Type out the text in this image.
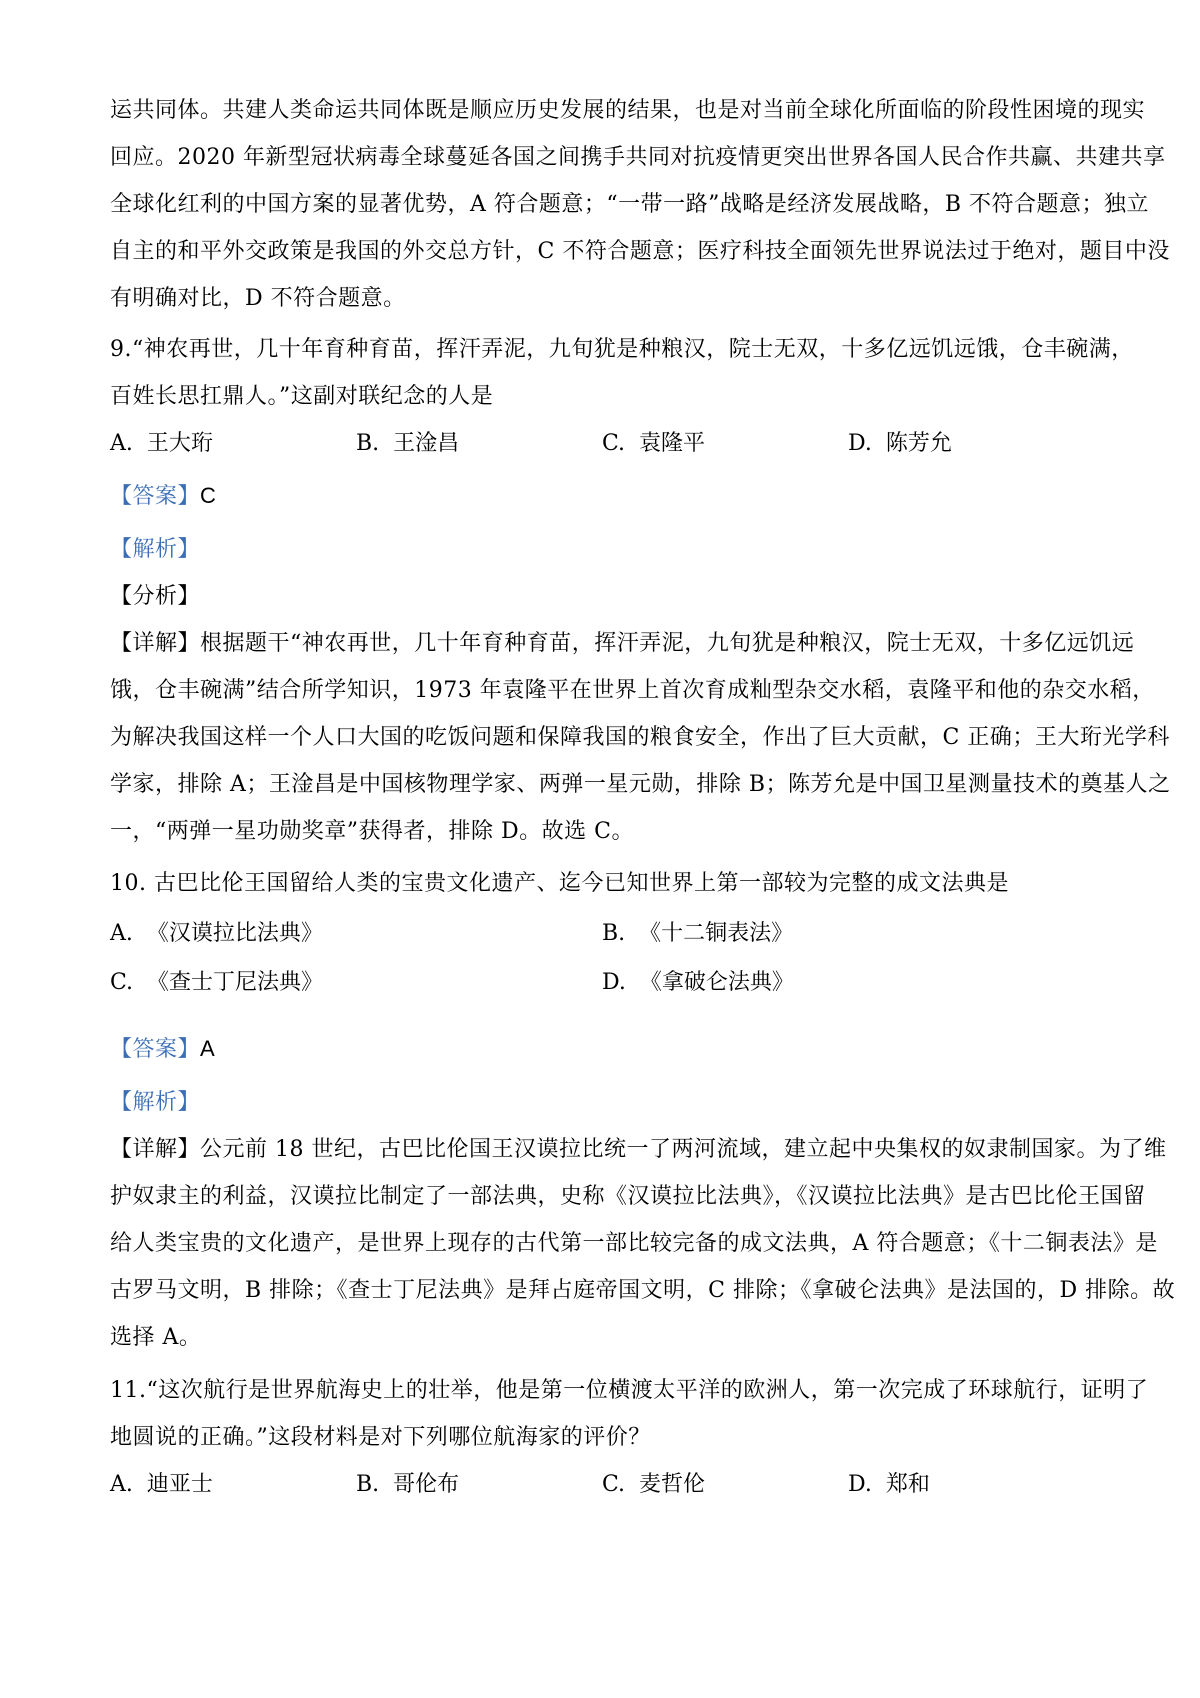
运共同体。共建人类命运共同体既是顺应历史发展的结果，也是对当前全球化所面临的阶段性困境的现实
回应。2020 年新型冠状病毒全球蔓延各国之间携手共同对抗疫情更突出世界各国人民合作共赢、共建共享
全球化红利的中国方案的显著优势，A 符合题意；“一带一路”战略是经济发展战略，B 不符合题意；独立
自主的和平外交政策是我国的外交总方针，C 不符合题意；医疗科技全面领先世界说法过于绝对，题目中没
有明确对比，D 不符合题意。
9.“神农再世，几十年育种育苗，挥汗弄泥，九旬犹是种粮汉，院士无双，十多亿远饥远饿，仓丰碗满，
百姓长思扛鼎人。”这副对联纪念的人是
A. 王大珩	B. 王淦昌	C. 袁隆平	D. 陈芳允
【答案】C
【解析】
【分析】
【详解】根据题干“神农再世，几十年育种育苗，挥汗弄泥，九旬犹是种粮汉，院士无双，十多亿远饥远
饿，仓丰碗满”结合所学知识，1973 年袁隆平在世界上首次育成籼型杂交水稻，袁隆平和他的杂交水稻，
为解决我国这样一个人口大国的吃饭问题和保障我国的粮食安全，作出了巨大贡献，C 正确；王大珩光学科
学家，排除 A；王淦昌是中国核物理学家、两弹一星元勋，排除 B；陈芳允是中国卫星测量技术的奠基人之
一，“两弹一星功勋奖章”获得者，排除 D。故选 C。
10. 古巴比伦王国留给人类的宝贵文化遗产、迄今已知世界上第一部较为完整的成文法典是
A. 《汉谟拉比法典》	B. 《十二铜表法》
C. 《查士丁尼法典》	D. 《拿破仑法典》
【答案】A
【解析】
【详解】公元前 18 世纪，古巴比伦国王汉谟拉比统一了两河流域，建立起中央集权的奴隶制国家。为了维
护奴隶主的利益，汉谟拉比制定了一部法典，史称《汉谟拉比法典》，《汉谟拉比法典》是古巴比伦王国留
给人类宝贵的文化遗产，是世界上现存的古代第一部比较完备的成文法典，A 符合题意；《十二铜表法》是
古罗马文明，B 排除；《查士丁尼法典》是拜占庭帝国文明，C 排除；《拿破仑法典》是法国的，D 排除。故
选择 A。
11.“这次航行是世界航海史上的壮举，他是第一位横渡太平洋的欧洲人，第一次完成了环球航行，证明了
地圆说的正确。”这段材料是对下列哪位航海家的评价？
A. 迪亚士	B. 哥伦布	C. 麦哲伦	D. 郑和
